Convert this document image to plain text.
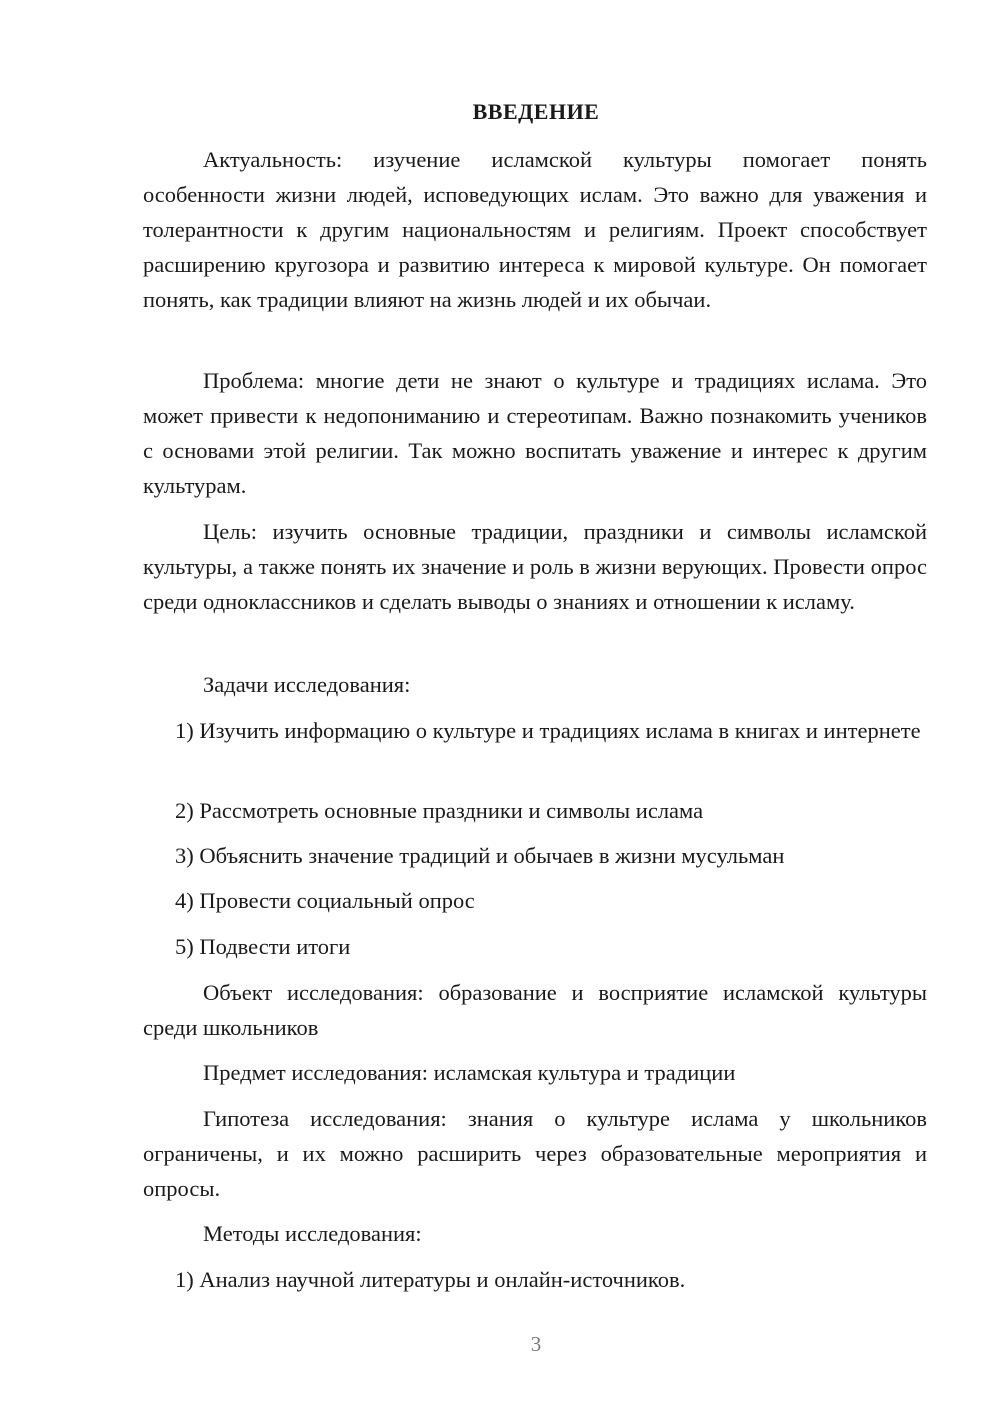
ВВЕДЕНИЕ
Актуальность: изучение исламской культуры помогает понять особенности жизни людей, исповедующих ислам. Это важно для уважения и толерантности к другим национальностям и религиям. Проект способствует расширению кругозора и развитию интереса к мировой культуре. Он помогает понять, как традиции влияют на жизнь людей и их обычаи.
Проблема: многие дети не знают о культуре и традициях ислама. Это может привести к недопониманию и стереотипам. Важно познакомить учеников с основами этой религии. Так можно воспитать уважение и интерес к другим культурам.
Цель: изучить основные традиции, праздники и символы исламской культуры, а также понять их значение и роль в жизни верующих. Провести опрос среди одноклассников и сделать выводы о знаниях и отношении к исламу.
Задачи исследования:
1) Изучить информацию о культуре и традициях ислама в книгах и интернете
2) Рассмотреть основные праздники и символы ислама
3) Объяснить значение традиций и обычаев в жизни мусульман
4) Провести социальный опрос
5) Подвести итоги
Объект исследования: образование и восприятие исламской культуры среди школьников
Предмет исследования: исламская культура и традиции
Гипотеза исследования: знания о культуре ислама у школьников ограничены, и их можно расширить через образовательные мероприятия и опросы.
Методы исследования:
1) Анализ научной литературы и онлайн-источников.
3
